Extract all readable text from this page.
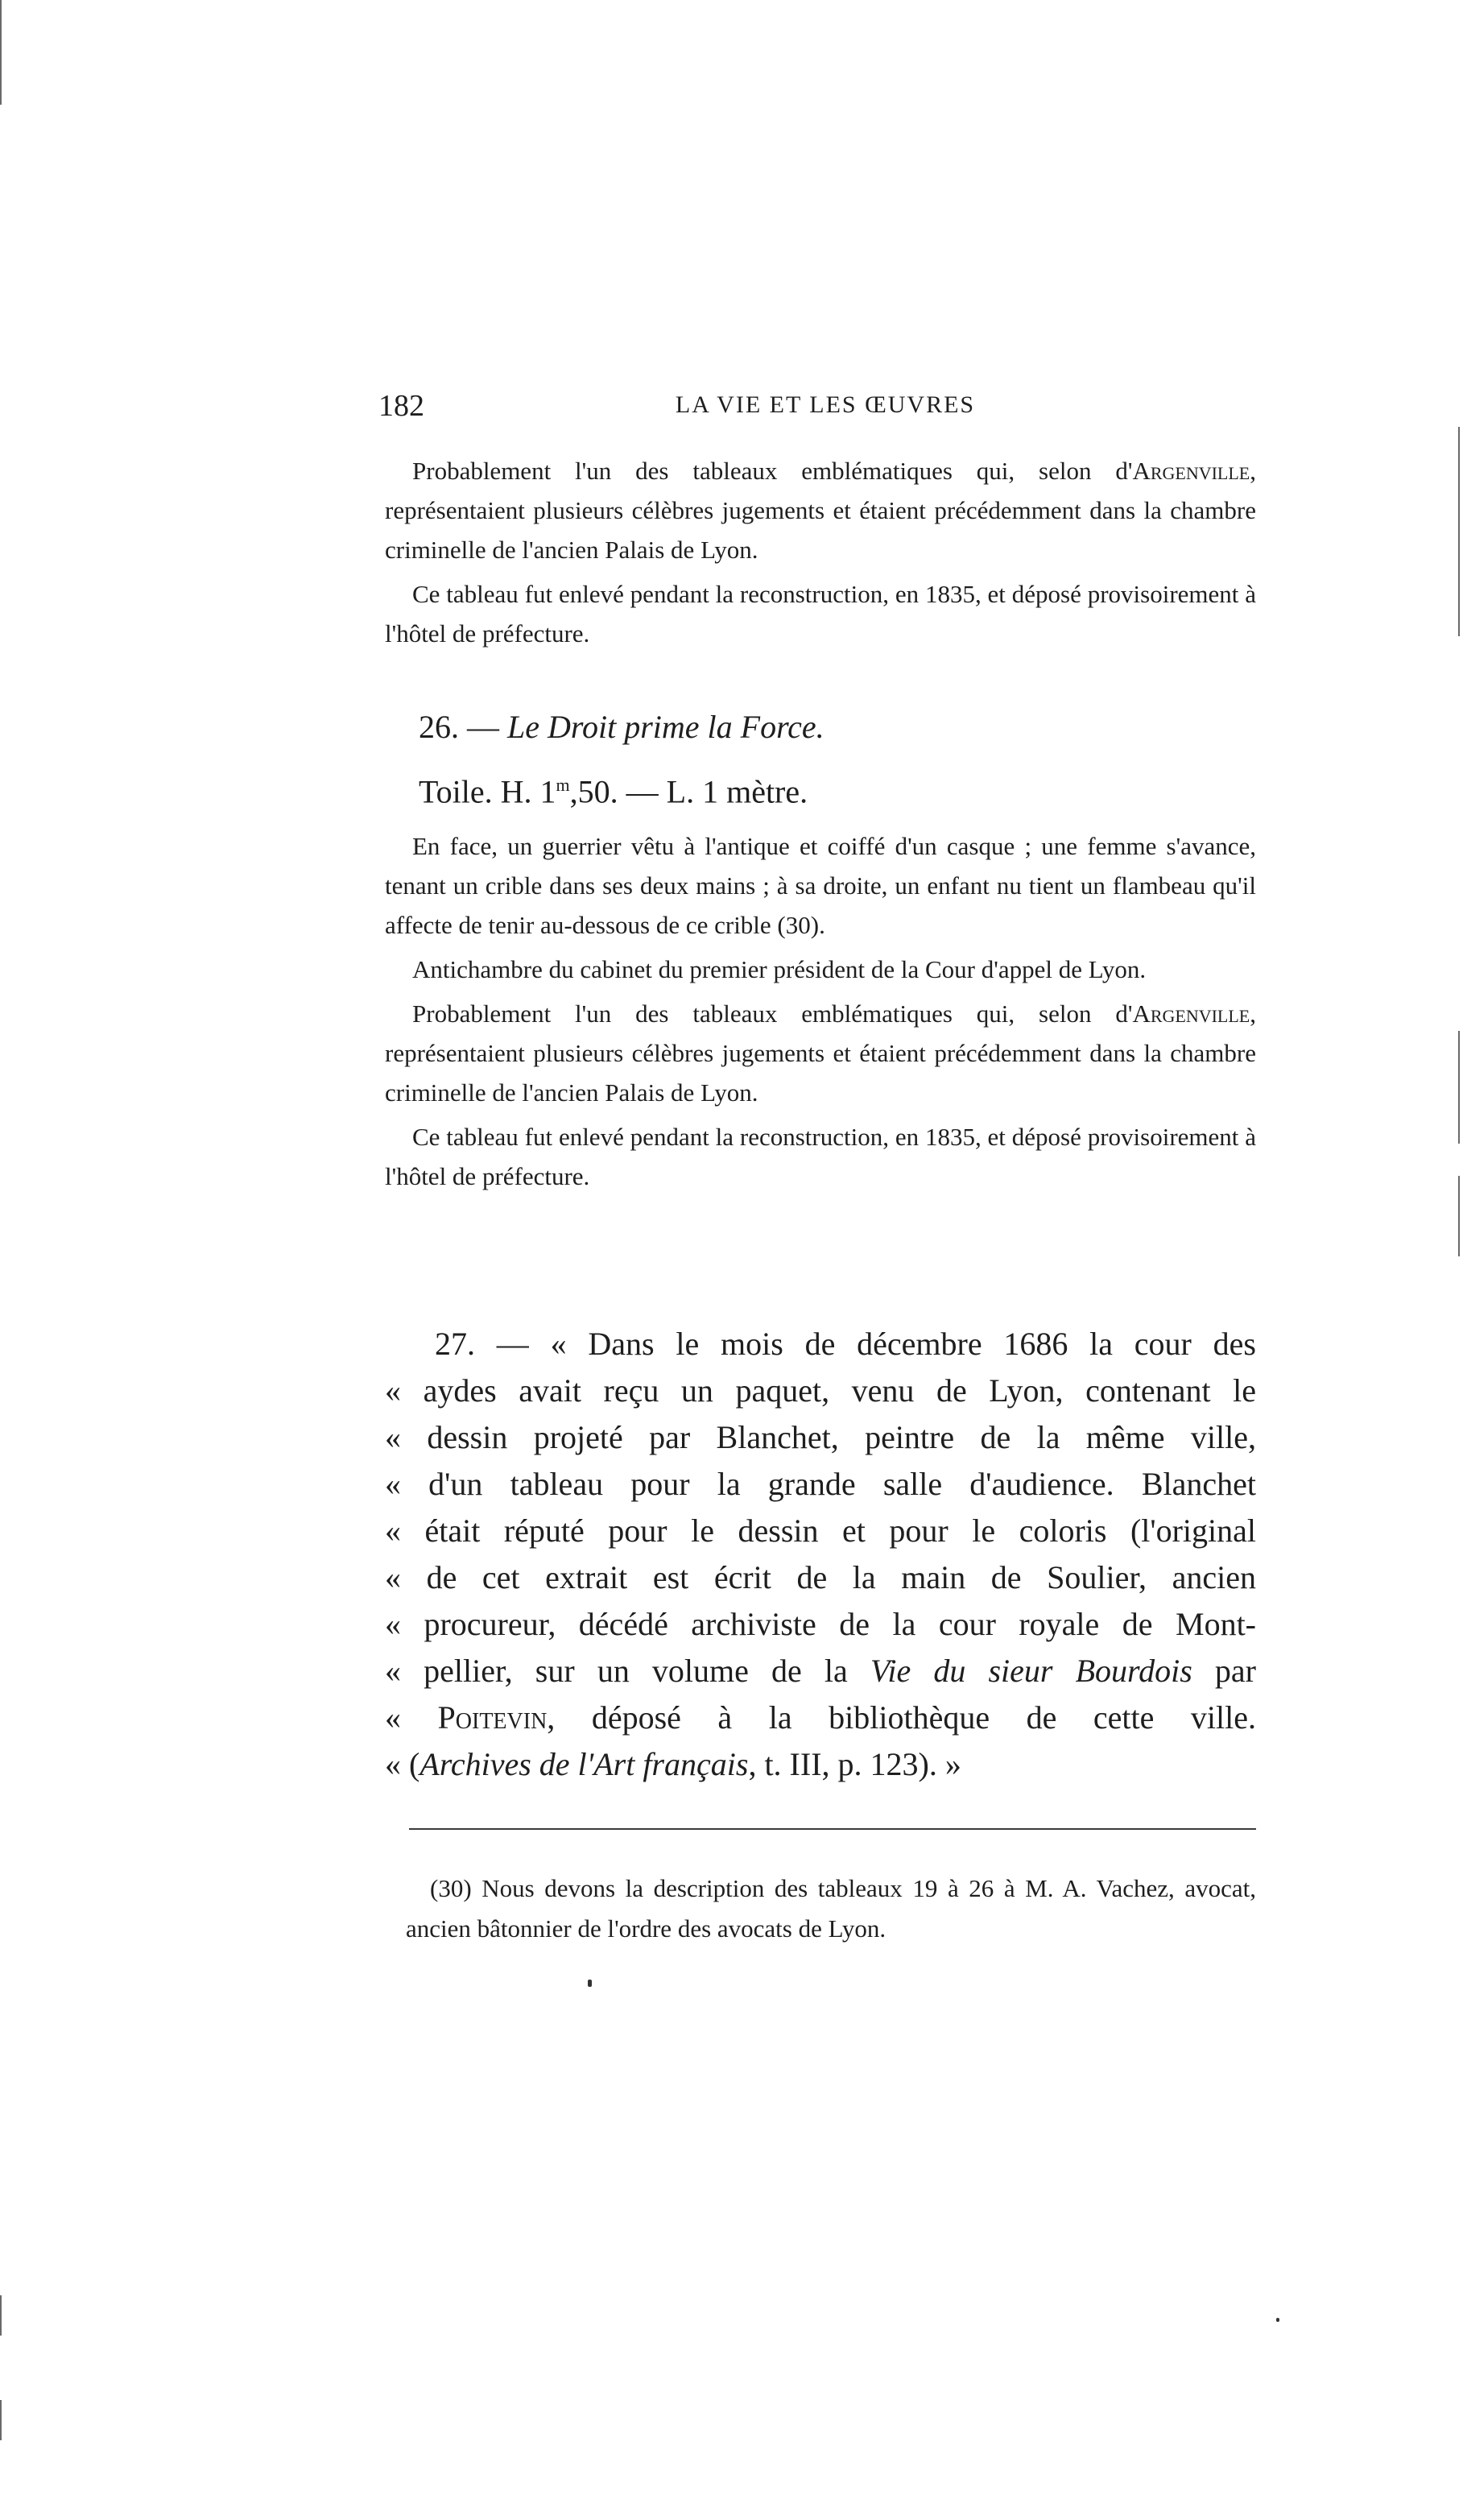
182	LA VIE ET LES ŒUVRES

Probablement l'un des tableaux emblématiques qui, selon d'Argenville, représentaient plusieurs célèbres jugements et étaient précédemment dans la chambre criminelle de l'ancien Palais de Lyon.

Ce tableau fut enlevé pendant la reconstruction, en 1835, et déposé provisoirement à l'hôtel de préfecture.

26. — Le Droit prime la Force.

Toile. H. 1$^m$,50. — L. 1 mètre.

En face, un guerrier vêtu à l'antique et coiffé d'un casque ; une femme s'avance, tenant un crible dans ses deux mains ; à sa droite, un enfant nu tient un flambeau qu'il affecte de tenir au-dessous de ce crible (30).

Antichambre du cabinet du premier président de la Cour d'appel de Lyon.

Probablement l'un des tableaux emblématiques qui, selon d'Argenville, représentaient plusieurs célèbres jugements et étaient précédemment dans la chambre criminelle de l'ancien Palais de Lyon.

Ce tableau fut enlevé pendant la reconstruction, en 1835, et déposé provisoirement à l'hôtel de préfecture.

27. — « Dans le mois de décembre 1686 la cour des
« aydes avait reçu un paquet, venu de Lyon, contenant le
« dessin projeté par Blanchet, peintre de la même ville,
« d'un tableau pour la grande salle d'audience. Blanchet
« était réputé pour le dessin et pour le coloris (l'original
« de cet extrait est écrit de la main de Soulier, ancien
« procureur, décédé archiviste de la cour royale de Mont-
« pellier, sur un volume de la Vie du sieur Bourdois par
« Poitevin, déposé à la bibliothèque de cette ville.
« (Archives de l'Art français, t. III, p. 123). »

(30) Nous devons la description des tableaux 19 à 26 à M. A. Vachez, avocat, ancien bâtonnier de l'ordre des avocats de Lyon.
